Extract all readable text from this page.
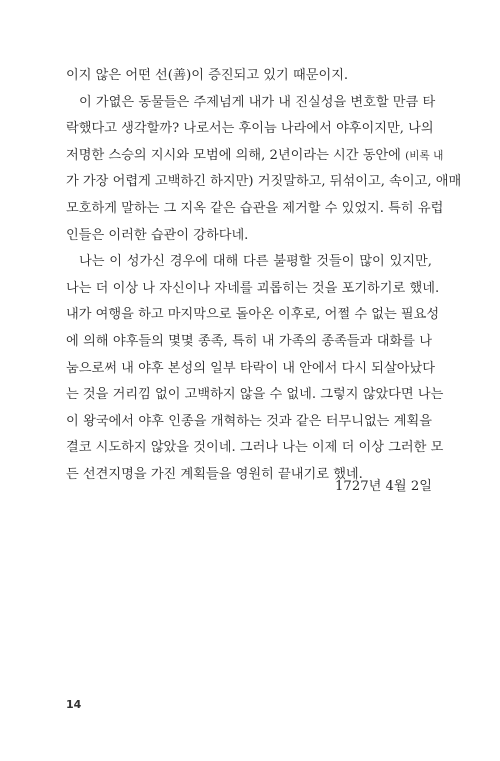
이지 않은 어떤 선(善)이 증진되고 있기 때문이지.
이 가엾은 동물들은 주제넘게 내가 내 진실성을 변호할 만큼 타
락했다고 생각할까? 나로서는 후이늠 나라에서 야후이지만, 나의
저명한 스승의 지시와 모범에 의해, 2년이라는 시간 동안에 (비록 내
가 가장 어렵게 고백하긴 하지만) 거짓말하고, 뒤섞이고, 속이고, 애매
모호하게 말하는 그 지옥 같은 습관을 제거할 수 있었지. 특히 유럽
인들은 이러한 습관이 강하다네.
나는 이 성가신 경우에 대해 다른 불평할 것들이 많이 있지만,
나는 더 이상 나 자신이나 자네를 괴롭히는 것을 포기하기로 했네.
내가 여행을 하고 마지막으로 돌아온 이후로, 어쩔 수 없는 필요성
에 의해 야후들의 몇몇 종족, 특히 내 가족의 종족들과 대화를 나
눔으로써 내 야후 본성의 일부 타락이 내 안에서 다시 되살아났다
는 것을 거리낌 없이 고백하지 않을 수 없네. 그렇지 않았다면 나는
이 왕국에서 야후 인종을 개혁하는 것과 같은 터무니없는 계획을
결코 시도하지 않았을 것이네. 그러나 나는 이제 더 이상 그러한 모
든 선견지명을 가진 계획들을 영원히 끝내기로 했네.
1727년 4월 2일
14
